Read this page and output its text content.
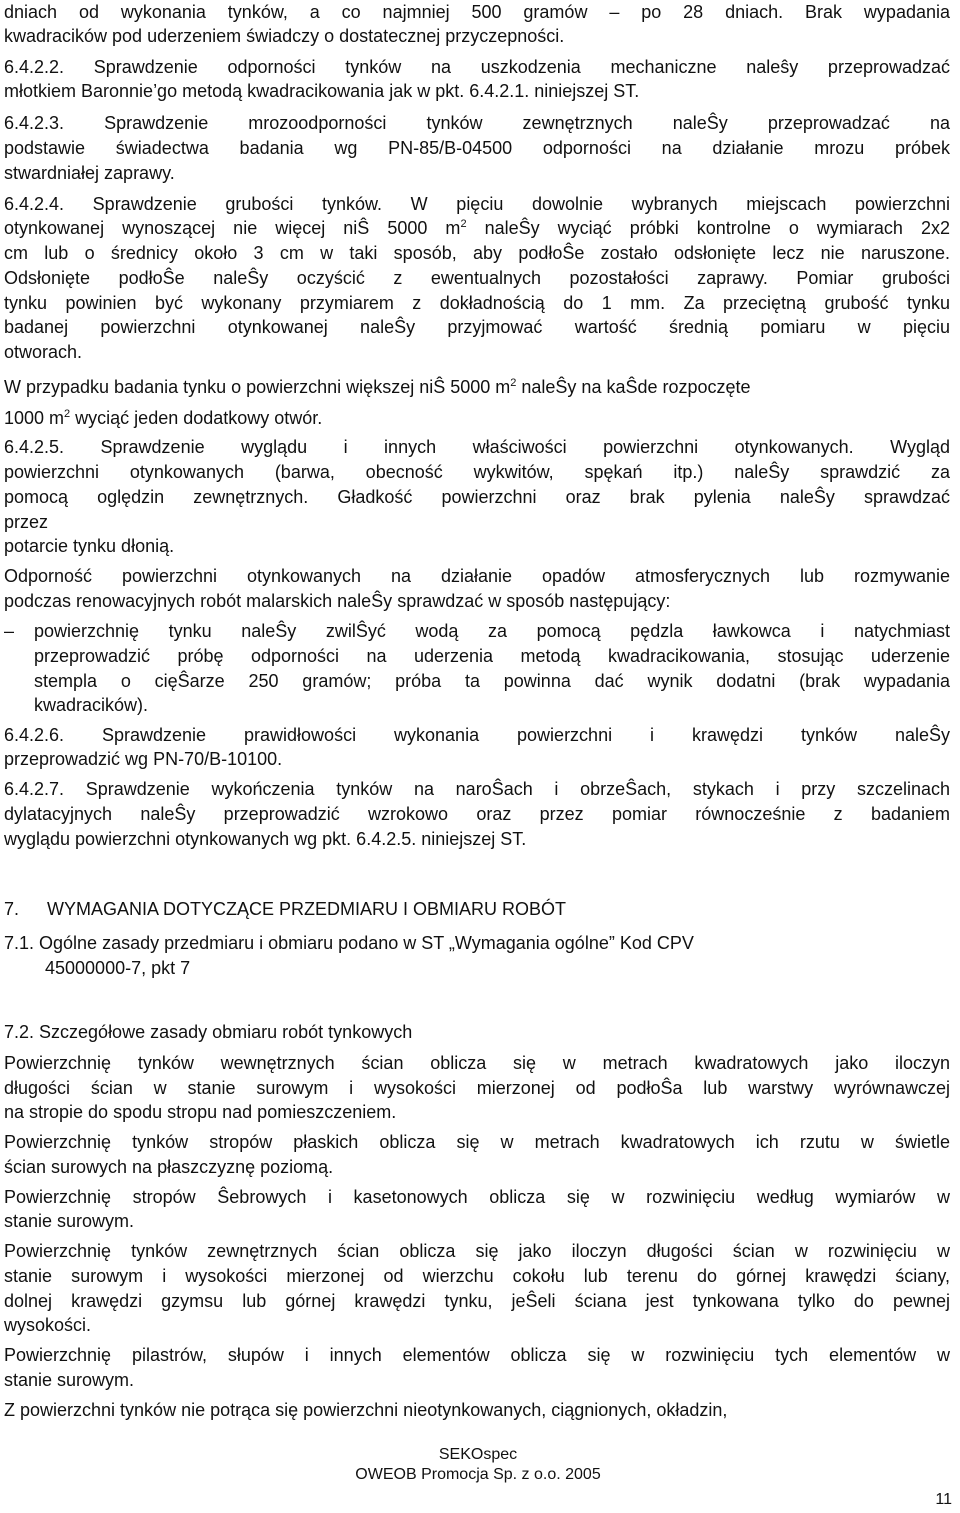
dniach od wykonania tynków, a co najmniej 500 gramów – po 28 dniach. Brak wypadania
kwadracików pod uderzeniem świadczy o dostatecznej przyczepności.
6.4.2.2. Sprawdzenie odporności tynków na uszkodzenia mechaniczne naleŝy przeprowadzać
młotkiem Baronnie’go metodą kwadracikowania jak w pkt. 6.4.2.1. niniejszej ST.
6.4.2.3. Sprawdzenie mrozoodporności tynków zewnętrznych naleŜy przeprowadzać na
podstawie świadectwa badania wg PN-85/B-04500 odporności na działanie mrozu próbek
stwardniałej zaprawy.
6.4.2.4. Sprawdzenie grubości tynków. W pięciu dowolnie wybranych miejscach powierzchni
otynkowanej wynoszącej nie więcej niŜ 5000 $m^2$ naleŜy wyciąć próbki kontrolne o wymiarach 2x2
cm lub o średnicy około 3 cm w taki sposób, aby podłoŜe zostało odsłonięte lecz nie naruszone.
Odsłonięte podłoŜe naleŜy oczyścić z ewentualnych pozostałości zaprawy. Pomiar grubości
tynku powinien być wykonany przymiarem z dokładnością do 1 mm. Za przeciętną grubość tynku
badanej powierzchni otynkowanej naleŜy przyjmować wartość średnią pomiaru w pięciu
otworach.
W przypadku badania tynku o powierzchni większej niŜ 5000 $m^2$ naleŜy na kaŜde rozpoczęte
1000 $m^2$ wyciąć jeden dodatkowy otwór.
6.4.2.5. Sprawdzenie wyglądu i innych właściwości powierzchni otynkowanych. Wygląd
powierzchni otynkowanych (barwa, obecność wykwitów, spękań itp.) naleŜy sprawdzić za
pomocą oględzin zewnętrznych. Gładkość powierzchni oraz brak pylenia naleŜy sprawdzać
przez
potarcie tynku dłonią.
Odporność powierzchni otynkowanych na działanie opadów atmosferycznych lub rozmywanie
podczas renowacyjnych robót malarskich naleŜy sprawdzać w sposób następujący:
– powierzchnię tynku naleŜy zwilŜyć wodą za pomocą pędzla ławkowca i natychmiast
przeprowadzić próbę odporności na uderzenia metodą kwadracikowania, stosując uderzenie
stempla o cięŜarze 250 gramów; próba ta powinna dać wynik dodatni (brak wypadania
kwadracików).
6.4.2.6. Sprawdzenie prawidłowości wykonania powierzchni i krawędzi tynków naleŜy
przeprowadzić wg PN-70/B-10100.
6.4.2.7. Sprawdzenie wykończenia tynków na naroŜach i obrzeŜach, stykach i przy szczelinach
dylatacyjnych naleŜy przeprowadzić wzrokowo oraz przez pomiar równocześnie z badaniem
wyglądu powierzchni otynkowanych wg pkt. 6.4.2.5. niniejszej ST.
7. WYMAGANIA DOTYCZĄCE PRZEDMIARU I OBMIARU ROBÓT
7.1. Ogólne zasady przedmiaru i obmiaru podano w ST „Wymagania ogólne” Kod CPV
45000000-7, pkt 7
7.2. Szczegółowe zasady obmiaru robót tynkowych
Powierzchnię tynków wewnętrznych ścian oblicza się w metrach kwadratowych jako iloczyn
długości ścian w stanie surowym i wysokości mierzonej od podłoŜa lub warstwy wyrównawczej
na stropie do spodu stropu nad pomieszczeniem.
Powierzchnię tynków stropów płaskich oblicza się w metrach kwadratowych ich rzutu w świetle
ścian surowych na płaszczyznę poziomą.
Powierzchnię stropów Ŝebrowych i kasetonowych oblicza się w rozwinięciu według wymiarów w
stanie surowym.
Powierzchnię tynków zewnętrznych ścian oblicza się jako iloczyn długości ścian w rozwinięciu w
stanie surowym i wysokości mierzonej od wierzchu cokołu lub terenu do górnej krawędzi ściany,
dolnej krawędzi gzymsu lub górnej krawędzi tynku, jeŜeli ściana jest tynkowana tylko do pewnej
wysokości.
Powierzchnię pilastrów, słupów i innych elementów oblicza się w rozwinięciu tych elementów w
stanie surowym.
Z powierzchni tynków nie potrąca się powierzchni nieotynkowanych, ciągnionych, okładzin,
SEKOspec
OWEOB Promocja Sp. z o.o. 2005
11
